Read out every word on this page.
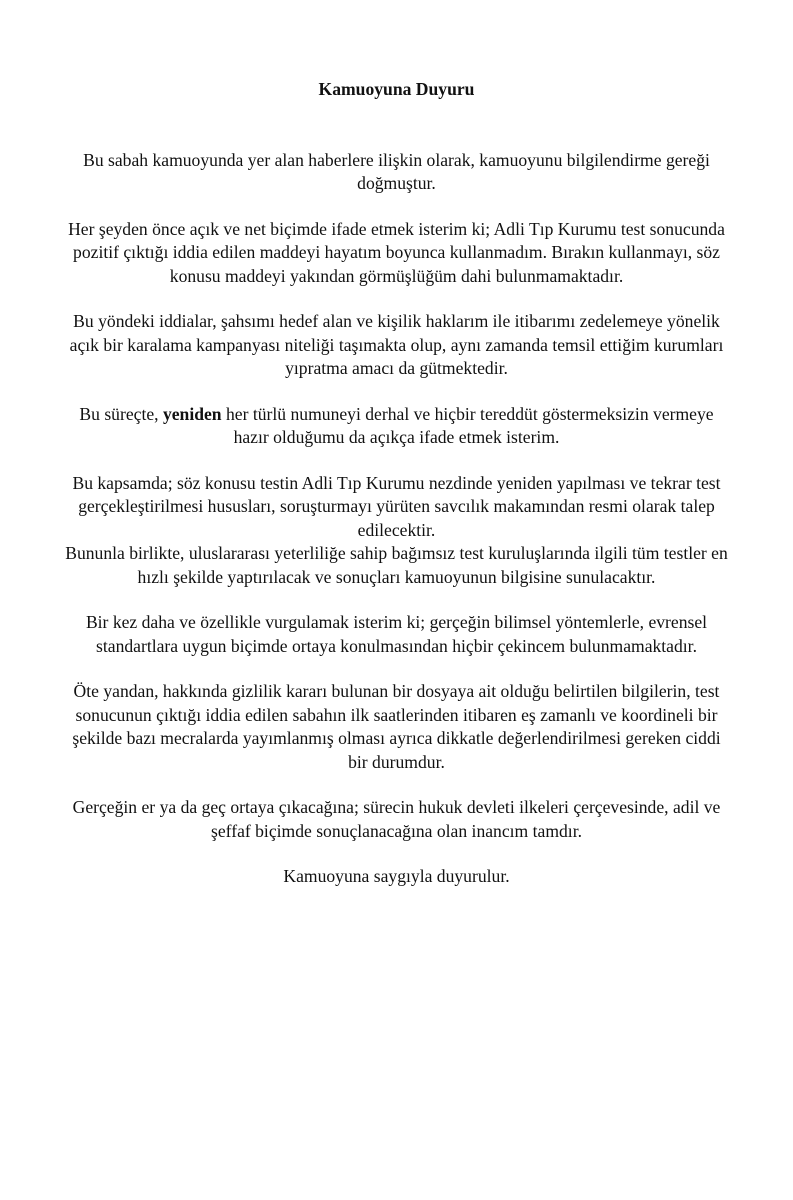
Kamuoyuna Duyuru
Bu sabah kamuoyunda yer alan haberlere ilişkin olarak, kamuoyunu bilgilendirme gereği
doğmuştur.
Her şeyden önce açık ve net biçimde ifade etmek isterim ki; Adli Tıp Kurumu test sonucunda
pozitif çıktığı iddia edilen maddeyi hayatım boyunca kullanmadım. Bırakın kullanmayı, söz
konusu maddeyi yakından görmüşlüğüm dahi bulunmamaktadır.
Bu yöndeki iddialar, şahsımı hedef alan ve kişilik haklarım ile itibarımı zedelemeye yönelik
açık bir karalama kampanyası niteliği taşımakta olup, aynı zamanda temsil ettiğim kurumları
yıpratma amacı da gütmektedir.
Bu süreçte, yeniden her türlü numuneyi derhal ve hiçbir tereddüt göstermeksizin vermeye
hazır olduğumu da açıkça ifade etmek isterim.
Bu kapsamda; söz konusu testin Adli Tıp Kurumu nezdinde yeniden yapılması ve tekrar test
gerçekleştirilmesi hususları, soruşturmayı yürüten savcılık makamından resmi olarak talep
edilecektir.
Bununla birlikte, uluslararası yeterliliğe sahip bağımsız test kuruluşlarında ilgili tüm testler en
hızlı şekilde yaptırılacak ve sonuçları kamuoyunun bilgisine sunulacaktır.
Bir kez daha ve özellikle vurgulamak isterim ki; gerçeğin bilimsel yöntemlerle, evrensel
standartlara uygun biçimde ortaya konulmasından hiçbir çekincem bulunmamaktadır.
Öte yandan, hakkında gizlilik kararı bulunan bir dosyaya ait olduğu belirtilen bilgilerin, test
sonucunun çıktığı iddia edilen sabahın ilk saatlerinden itibaren eş zamanlı ve koordineli bir
şekilde bazı mecralarda yayımlanmış olması ayrıca dikkatle değerlendirilmesi gereken ciddi
bir durumdur.
Gerçeğin er ya da geç ortaya çıkacağına; sürecin hukuk devleti ilkeleri çerçevesinde, adil ve
şeffaf biçimde sonuçlanacağına olan inancım tamdır.
Kamuoyuna saygıyla duyurulur.
